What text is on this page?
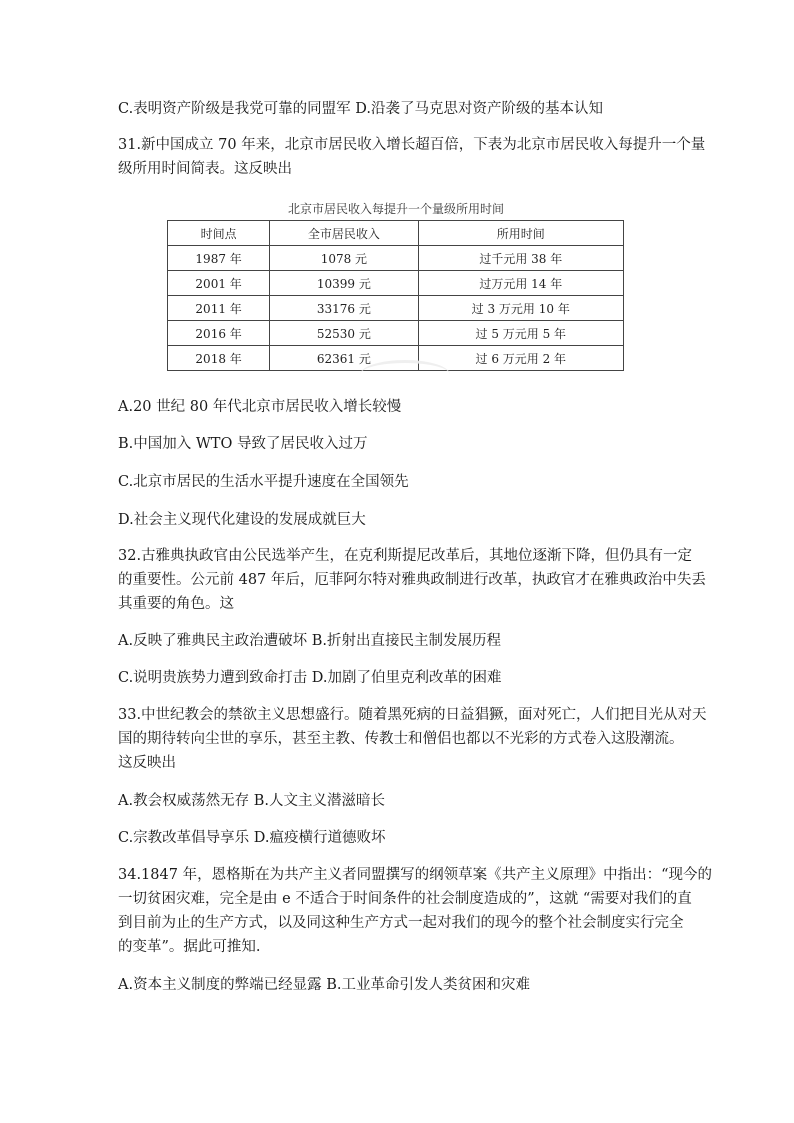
C.表明资产阶级是我党可靠的同盟军 D.沿袭了马克思对资产阶级的基本认知
31.新中国成立 70 年来，北京市居民收入增长超百倍，下表为北京市居民收入每提升一个量
级所用时间简表。这反映出
北京市居民收入每提升一个量级所用时间
时间点	全市居民收入	所用时间
1987 年	1078 元	过千元用 38 年
2001 年	10399 元	过万元用 14 年
2011 年	33176 元	过 3 万元用 10 年
2016 年	52530 元	过 5 万元用 5 年
2018 年	62361 元	过 6 万元用 2 年
A.20 世纪 80 年代北京市居民收入增长较慢
B.中国加入 WTO 导致了居民收入过万
C.北京市居民的生活水平提升速度在全国领先
D.社会主义现代化建设的发展成就巨大
32.古雅典执政官由公民选举产生，在克利斯提尼改革后，其地位逐渐下降，但仍具有一定
的重要性。公元前 487 年后，厄菲阿尔特对雅典政制进行改革，执政官才在雅典政治中失丢
其重要的角色。这
A.反映了雅典民主政治遭破坏 B.折射出直接民主制发展历程
C.说明贵族势力遭到致命打击 D.加剧了伯里克利改革的困难
33.中世纪教会的禁欲主义思想盛行。随着黑死病的日益猖獗，面对死亡，人们把目光从对天
国的期待转向尘世的享乐，甚至主教、传教士和僧侣也都以不光彩的方式卷入这股潮流。
这反映出
A.教会权威荡然无存 B.人文主义潜滋暗长
C.宗教改革倡导享乐 D.瘟疫横行道德败坏
34.1847 年，恩格斯在为共产主义者同盟撰写的纲领草案《共产主义原理》中指出：“现今的
一切贫困灾难，完全是由 e 不适合于时间条件的社会制度造成的”，这就 “需要对我们的直
到目前为止的生产方式，以及同这种生产方式一起对我们的现今的整个社会制度实行完全
的变革”。据此可推知.
A.资本主义制度的弊端已经显露 B.工业革命引发人类贫困和灾难
